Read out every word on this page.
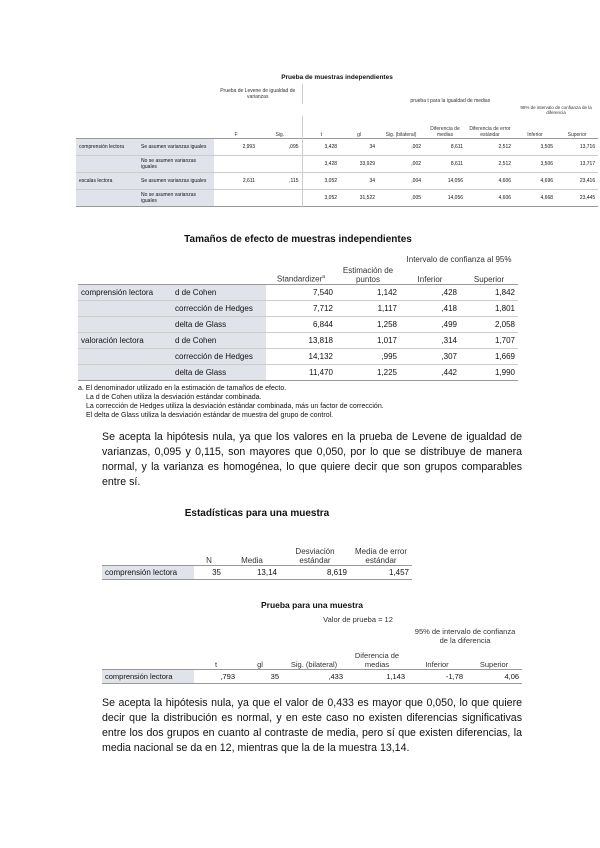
Prueba de muestras independientes
		Prueba de Levene de igualdad de varianzas		prueba t para la igualdad de medias						
									95% de intervalo de confianza de la diferencia	
		F	Sig.	t	gl	Sig. (bilateral)	Diferencia de medias	Diferencia de error estándar	Inferior	Superior
comprensión lectora	Se asumen varianzas iguales	2,993	,095	3,428	34	,002	8,611	2,512	3,505	13,716
	No se asumen varianzas iguales			3,428	33,929	,002	8,611	2,512	3,506	13,717
escalas lectora	Se asumen varianzas iguales	2,611	,115	3,052	34	,004	14,056	4,606	4,696	23,416
	No se asumen varianzas iguales			3,052	31,522	,005	14,056	4,606	4,668	23,445
Tamaños de efecto de muestras independientes
				Intervalo de confianza al 95%	
		Standardizer$^a$	Estimación de puntos	Inferior	Superior
comprensión lectora	d de Cohen	7,540	1,142	,428	1,842
	corrección de Hedges	7,712	1,117	,418	1,801
	delta de Glass	6,844	1,258	,499	2,058
valoración lectora	d de Cohen	13,818	1,017	,314	1,707
	corrección de Hedges	14,132	,995	,307	1,669
	delta de Glass	11,470	1,225	,442	1,990
a. El denominador utilizado en la estimación de tamaños de efecto.
La d de Cohen utiliza la desviación estándar combinada.
La corrección de Hedges utiliza la desviación estándar combinada, más un factor de corrección.
El delta de Glass utiliza la desviación estándar de muestra del grupo de control.
Se acepta la hipótesis nula, ya que los valores en la prueba de Levene de igualdad de varianzas, 0,095 y 0,115, son mayores que 0,050, por lo que se distribuye de manera normal, y la varianza es homogénea, lo que quiere decir que son grupos comparables entre sí.
Estadísticas para una muestra
	N	Media	Desviación estándar	Media de error estándar
comprensión lectora	35	13,14	8,619	1,457
Prueba para una muestra
	Valor de prueba = 12					
					95% de intervalo de confianza de la diferencia	
	t	gl	Sig. (bilateral)	Diferencia de medias	Inferior	Superior
comprensión lectora	,793	35	,433	1,143	-1,78	4,06
Se acepta la hipótesis nula, ya que el valor de 0,433 es mayor que 0,050, lo que quiere decir que la distribución es normal, y en este caso no existen diferencias significativas entre los dos grupos en cuanto al contraste de media, pero sí que existen diferencias, la media nacional se da en 12, mientras que la de la muestra 13,14.
